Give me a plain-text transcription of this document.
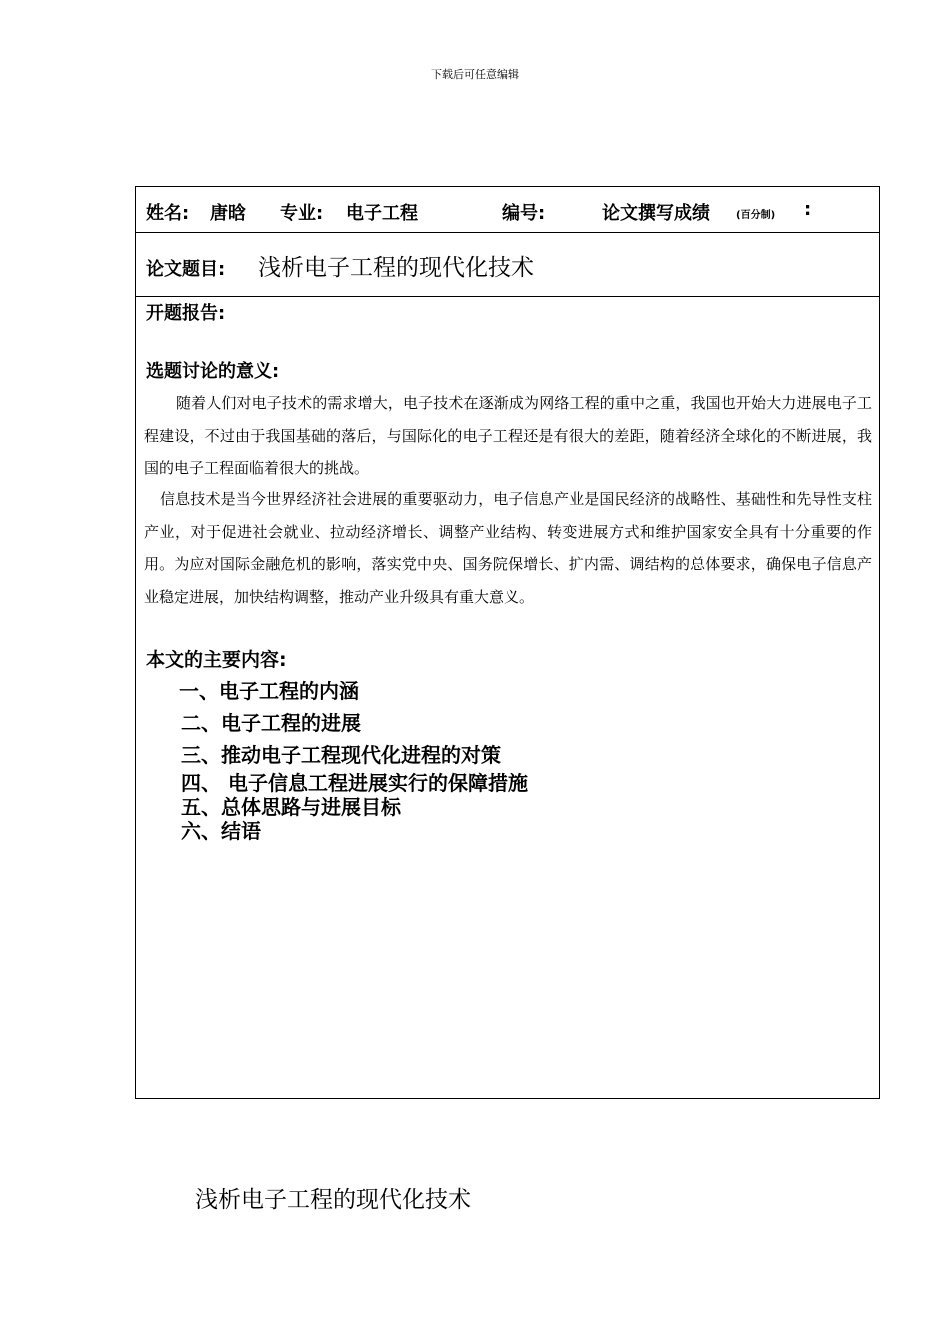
下载后可任意编辑
姓名: 唐晗 专业: 电子工程	编号:	论文撰写成绩	(百分制) :
论文题目: 浅析电子工程的现代化技术
开题报告:
选题讨论的意义:
随着人们对电子技术的需求增大，电子技术在逐渐成为网络工程的重中之重，我国也开始大力进展电子工程建设，不过由于我国基础的落后，与国际化的电子工程还是有很大的差距，随着经济全球化的不断进展，我国的电子工程面临着很大的挑战。
信息技术是当今世界经济社会进展的重要驱动力，电子信息产业是国民经济的战略性、基础性和先导性支柱产业，对于促进社会就业、拉动经济增长、调整产业结构、转变进展方式和维护国家安全具有十分重要的作用。为应对国际金融危机的影响，落实党中央、国务院保增长、扩内需、调结构的总体要求，确保电子信息产业稳定进展，加快结构调整，推动产业升级具有重大意义。
本文的主要内容:
一、电子工程的内涵
二、电子工程的进展
三、推动电子工程现代化进程的对策
四、 电子信息工程进展实行的保障措施
五、总体思路与进展目标
六、结语
浅析电子工程的现代化技术
